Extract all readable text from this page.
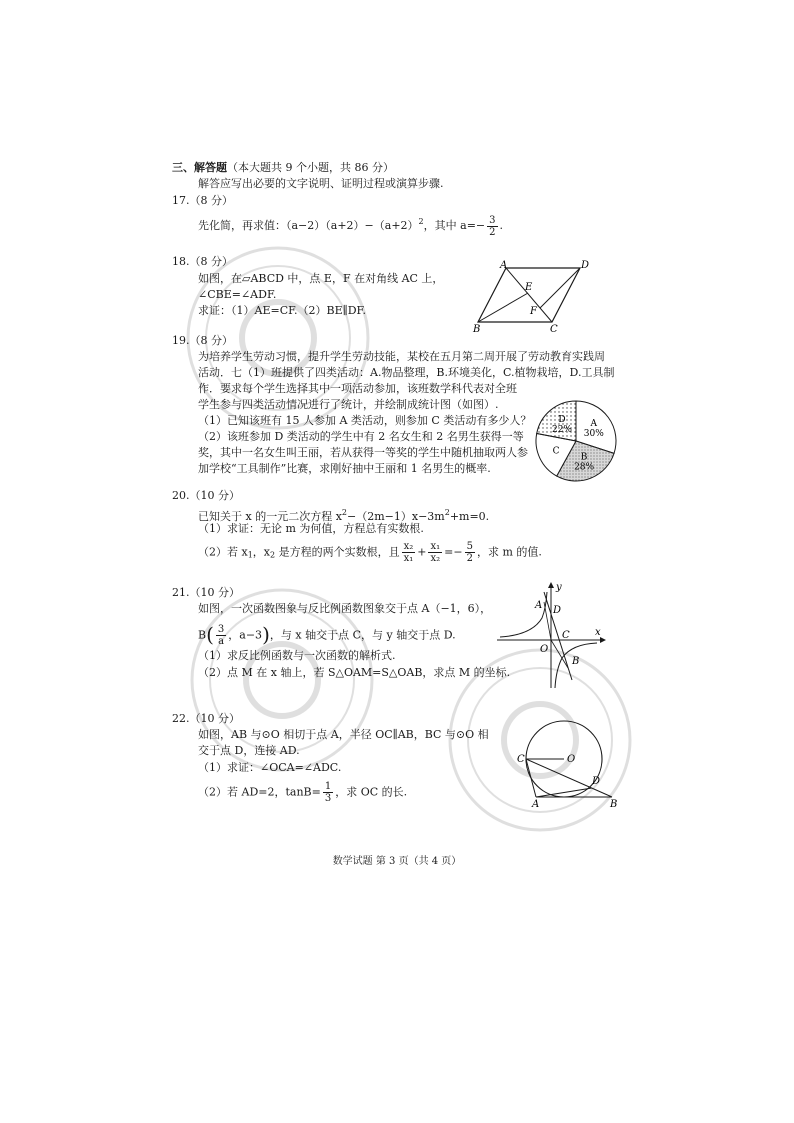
三、解答题（本大题共 9 个小题，共 86 分）
解答应写出必要的文字说明、证明过程或演算步骤.
17.（8 分）
先化简，再求值：$(a-2)(a+2)-(a+2)^2$，其中 $a=- \frac{3}{2}$ .
18.（8 分）
如图，在▱ABCD 中，点 E，F 在对角线 AC 上，
∠CBE=∠ADF.
求证：（1）AE=CF.（2）BE∥DF.
A	D
E
F
B	C
19.（8 分）
为培养学生劳动习惯，提升学生劳动技能，某校在五月第二周开展了劳动教育实践周
活动．七（1）班提供了四类活动：A.物品整理，B.环境美化，C.植物栽培，D.工具制
作．要求每个学生选择其中一项活动参加，该班数学科代表对全班
学生参与四类活动情况进行了统计，并绘制成统计图（如图）.
（1）已知该班有 15 人参加 A 类活动，则参加 C 类活动有多少人？
（2）该班参加 D 类活动的学生中有 2 名女生和 2 名男生获得一等
奖，其中一名女生叫王丽，若从获得一等奖的学生中随机抽取两人参
加学校“工具制作”比赛，求刚好抽中王丽和 1 名男生的概率.
A
30%
B
28%
C
D
22%
20.（10 分）
已知关于 x 的一元二次方程 $x^2-(2m-1)x-3m^2+m=0$.
（1）求证：无论 m 为何值，方程总有实数根.
（2）若 $x_1$，$x_2$ 是方程的两个实数根，且 $\frac{\text{x₂}}{\text{x₁}} + \frac{\text{x₁}}{\text{x₂}} =- \frac{5}{2}$ ，求 m 的值.
21.（10 分）
如图，一次函数图象与反比例函数图象交于点 A（−1，6），
$B( \frac{3}{a}$ ，a−3)，与 x 轴交于点 C，与 y 轴交于点 D.
（1）求反比例函数与一次函数的解析式.
（2）点 M 在 x 轴上，若 S△OAM=S△OAB，求点 M 的坐标.
y
A D
C	x
O
B
22.（10 分）
如图，AB 与⊙O 相切于点 A，半径 OC∥AB，BC 与⊙O 相
交于点 D，连接 AD.
（1）求证：∠OCA=∠ADC.
（2）若 AD=2，$\tan B= \frac{1}{3}$ ，求 OC 的长.
C	O
D
A	B
数学试题 第 3 页（共 4 页）
